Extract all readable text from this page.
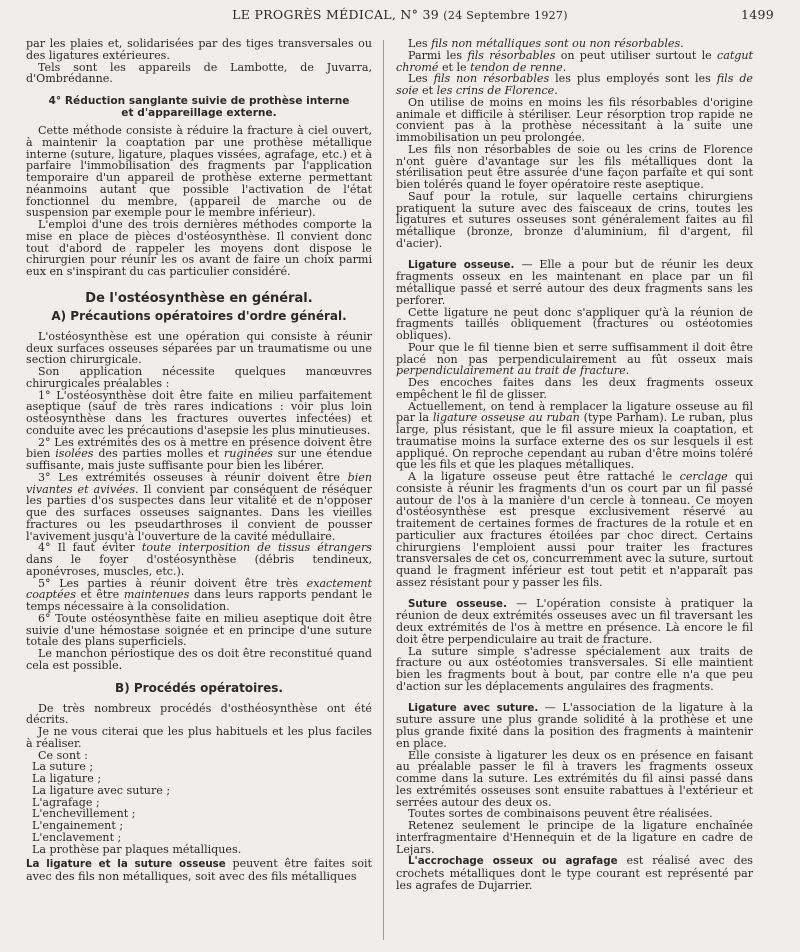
LE PROGRÈS MÉDICAL, N° 39 (24 Septembre 1927)	1499

par les plaies et, solidarisées par des tiges transversales ou des ligatures extérieures.

Tels sont les appareils de Lambotte, de Juvarra, d'Ombrédanne.

4° Réduction sanglante suivie de prothèse interne

et d'appareillage externe.

Cette méthode consiste à réduire la fracture à ciel ouvert, à maintenir la coaptation par une prothèse métallique interne (suture, ligature, plaques vissées, agrafage, etc.) et à parfaire l'immobilisation des fragments par l'application temporaire d'un appareil de prothèse externe permettant néanmoins autant que possible l'activation de l'état fonctionnel du membre, (appareil de marche ou de suspension par exemple pour le membre inférieur).

L'emploi d'une des trois dernières méthodes comporte la mise en place de pièces d'ostéosynthèse. Il convient donc tout d'abord de rappeler les moyens dont dispose le chirurgien pour réunir les os avant de faire un choix parmi eux en s'inspirant du cas particulier considéré.

De l'ostéosynthèse en général.

A) Précautions opératoires d'ordre général.

L'ostéosynthèse est une opération qui consiste à réunir deux surfaces osseuses séparées par un traumatisme ou une section chirurgicale.

Son application nécessite quelques manœuvres chirurgicales préalables :

1° L'ostéosynthèse doit être faite en milieu parfaitement aseptique (sauf de très rares indications : voir plus loin ostéosynthèse dans les fractures ouvertes infectées) et conduite avec les précautions d'asepsie les plus minutieuses.

2° Les extrémités des os à mettre en présence doivent être bien isolées des parties molles et ruginées sur une étendue suffisante, mais juste suffisante pour bien les libérer.

3° Les extrémités osseuses à réunir doivent être bien vivantes et avivées. Il convient par conséquent de réséquer les parties d'os suspectes dans leur vitalité et de n'opposer que des surfaces osseuses saignantes. Dans les vieilles fractures ou les pseudarthroses il convient de pousser l'avivement jusqu'à l'ouverture de la cavité médullaire.

4° Il faut éviter toute interposition de tissus étrangers dans le foyer d'ostéosynthèse (débris tendineux, aponévroses, muscles, etc.).

5° Les parties à réunir doivent être très exactement coaptées et être maintenues dans leurs rapports pendant le temps nécessaire à la consolidation.

6° Toute ostéosynthèse faite en milieu aseptique doit être suivie d'une hémostase soignée et en principe d'une suture totale des plans superficiels.

Le manchon périostique des os doit être reconstitué quand cela est possible.

B) Procédés opératoires.

De très nombreux procédés d'osthéosynthèse ont été décrits.

Je ne vous citerai que les plus habituels et les plus faciles à réaliser.

Ce sont :

La suture ;

La ligature ;

La ligature avec suture ;

L'agrafage ;

L'enchevillement ;

L'engainement ;

L'enclavement ;

La prothèse par plaques métalliques.

La ligature et la suture osseuse peuvent être faites soit avec des fils non métalliques, soit avec des fils métalliques

Les fils non métalliques sont ou non résorbables.

Parmi les fils résorbables on peut utiliser surtout le catgut chromé et le tendon de renne.

Les fils non résorbables les plus employés sont les fils de soie et les crins de Florence.

On utilise de moins en moins les fils résorbables d'origine animale et difficile à stériliser. Leur résorption trop rapide ne convient pas à la prothèse nécessitant à la suite une immobilisation un peu prolongée.

Les fils non résorbables de soie ou les crins de Florence n'ont guère d'avantage sur les fils métalliques dont la stérilisation peut être assurée d'une façon parfaite et qui sont bien tolérés quand le foyer opératoire reste aseptique.

Sauf pour la rotule, sur laquelle certains chirurgiens pratiquent la suture avec des faisceaux de crins, toutes les ligatures et sutures osseuses sont généralement faites au fil métallique (bronze, bronze d'aluminium, fil d'argent, fil d'acier).

Ligature osseuse. — Elle a pour but de réunir les deux fragments osseux en les maintenant en place par un fil métallique passé et serré autour des deux fragments sans les perforer.

Cette ligature ne peut donc s'appliquer qu'à la réunion de fragments taillés obliquement (fractures ou ostéotomies obliques).

Pour que le fil tienne bien et serre suffisamment il doit être placé non pas perpendiculairement au fût osseux mais perpendiculairement au trait de fracture.

Des encoches faites dans les deux fragments osseux empêchent le fil de glisser.

Actuellement, on tend à remplacer la ligature osseuse au fil par la ligature osseuse au ruban (type Parham). Le ruban, plus large, plus résistant, que le fil assure mieux la coaptation, et traumatise moins la surface externe des os sur lesquels il est appliqué. On reproche cependant au ruban d'être moins toléré que les fils et que les plaques métalliques.

A la ligature osseuse peut être rattaché le cerclage qui consiste à réunir les fragments d'un os court par un fil passé autour de l'os à la manière d'un cercle à tonneau. Ce moyen d'ostéosynthèse est presque exclusivement réservé au traitement de certaines formes de fractures de la rotule et en particulier aux fractures étoilées par choc direct. Certains chirurgiens l'emploient aussi pour traiter les fractures transversales de cet os, concurremment avec la suture, surtout quand le fragment inférieur est tout petit et n'apparaît pas assez résistant pour y passer les fils.

Suture osseuse. — L'opération consiste à pratiquer la réunion de deux extrémités osseuses avec un fil traversant les deux extrémités de l'os à mettre en présence. Là encore le fil doit être perpendiculaire au trait de fracture.

La suture simple s'adresse spécialement aux traits de fracture ou aux ostéotomies transversales. Si elle maintient bien les fragments bout à bout, par contre elle n'a que peu d'action sur les déplacements angulaires des fragments.

Ligature avec suture. — L'association de la ligature à la suture assure une plus grande solidité à la prothèse et une plus grande fixité dans la position des fragments à maintenir en place.

Elle consiste à ligaturer les deux os en présence en faisant au préalable passer le fil à travers les fragments osseux comme dans la suture. Les extrémités du fil ainsi passé dans les extrémités osseuses sont ensuite rabattues à l'extérieur et serrées autour des deux os.

Toutes sortes de combinaisons peuvent être réalisées.

Retenez seulement le principe de la ligature enchaînée interfragmentaire d'Hennequin et de la ligature en cadre de Lejars.

L'accrochage osseux ou agrafage est réalisé avec des crochets métalliques dont le type courant est représenté par les agrafes de Dujarrier.
